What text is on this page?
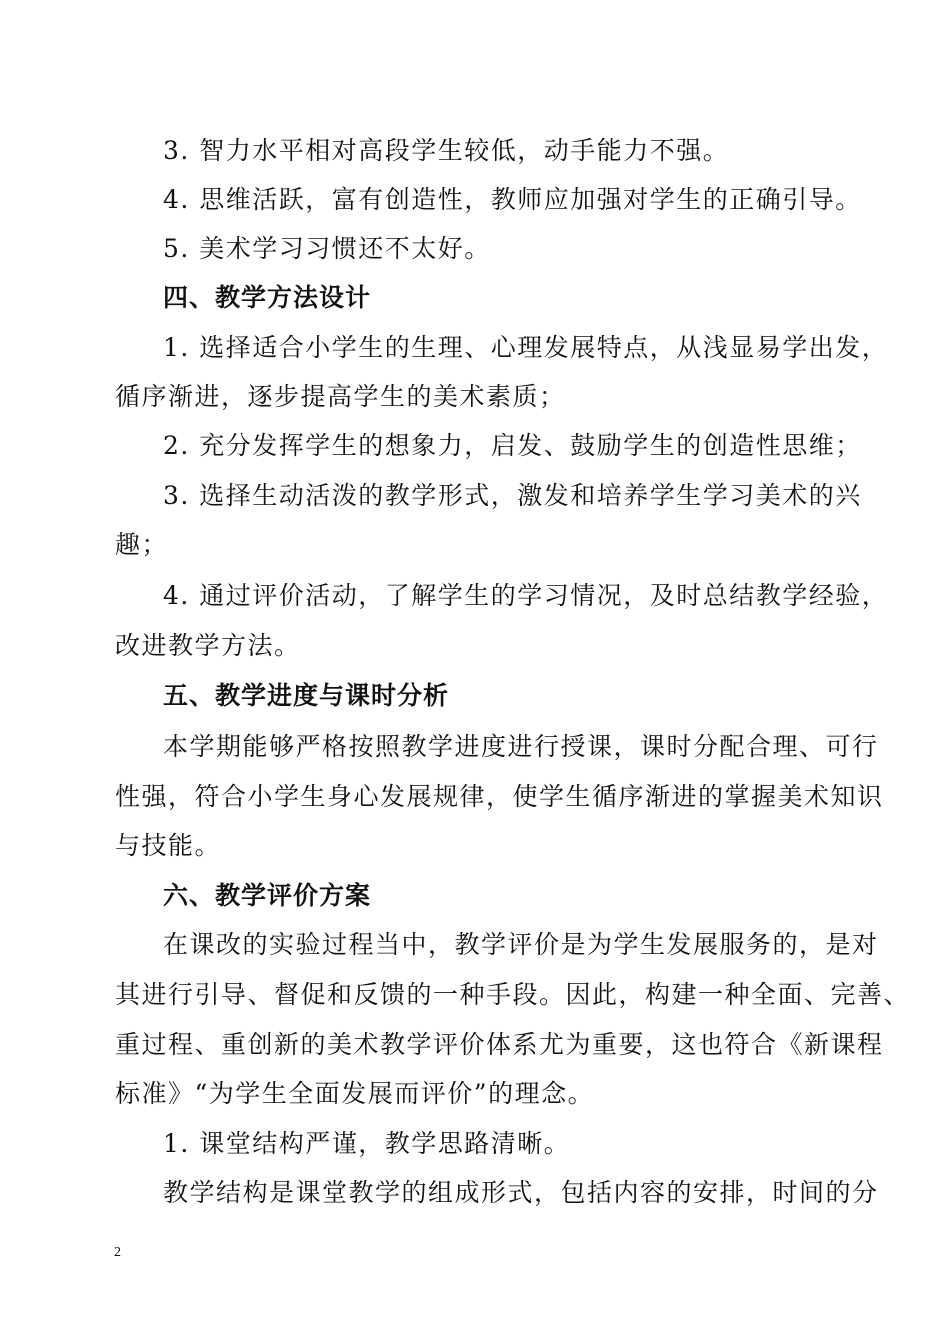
3. 智力水平相对高段学生较低，动手能力不强。
4. 思维活跃，富有创造性，教师应加强对学生的正确引导。
5. 美术学习习惯还不太好。
四、教学方法设计
1. 选择适合小学生的生理、心理发展特点，从浅显易学出发，
循序渐进，逐步提高学生的美术素质；
2. 充分发挥学生的想象力，启发、鼓励学生的创造性思维；
3. 选择生动活泼的教学形式，激发和培养学生学习美术的兴
趣；
4. 通过评价活动，了解学生的学习情况，及时总结教学经验，
改进教学方法。
五、教学进度与课时分析
本学期能够严格按照教学进度进行授课，课时分配合理、可行
性强，符合小学生身心发展规律，使学生循序渐进的掌握美术知识
与技能。
六、教学评价方案
在课改的实验过程当中，教学评价是为学生发展服务的，是对
其进行引导、督促和反馈的一种手段。因此，构建一种全面、完善、
重过程、重创新的美术教学评价体系尤为重要，这也符合《新课程
标准》“为学生全面发展而评价”的理念。
1. 课堂结构严谨，教学思路清晰。
教学结构是课堂教学的组成形式，包括内容的安排，时间的分
2
